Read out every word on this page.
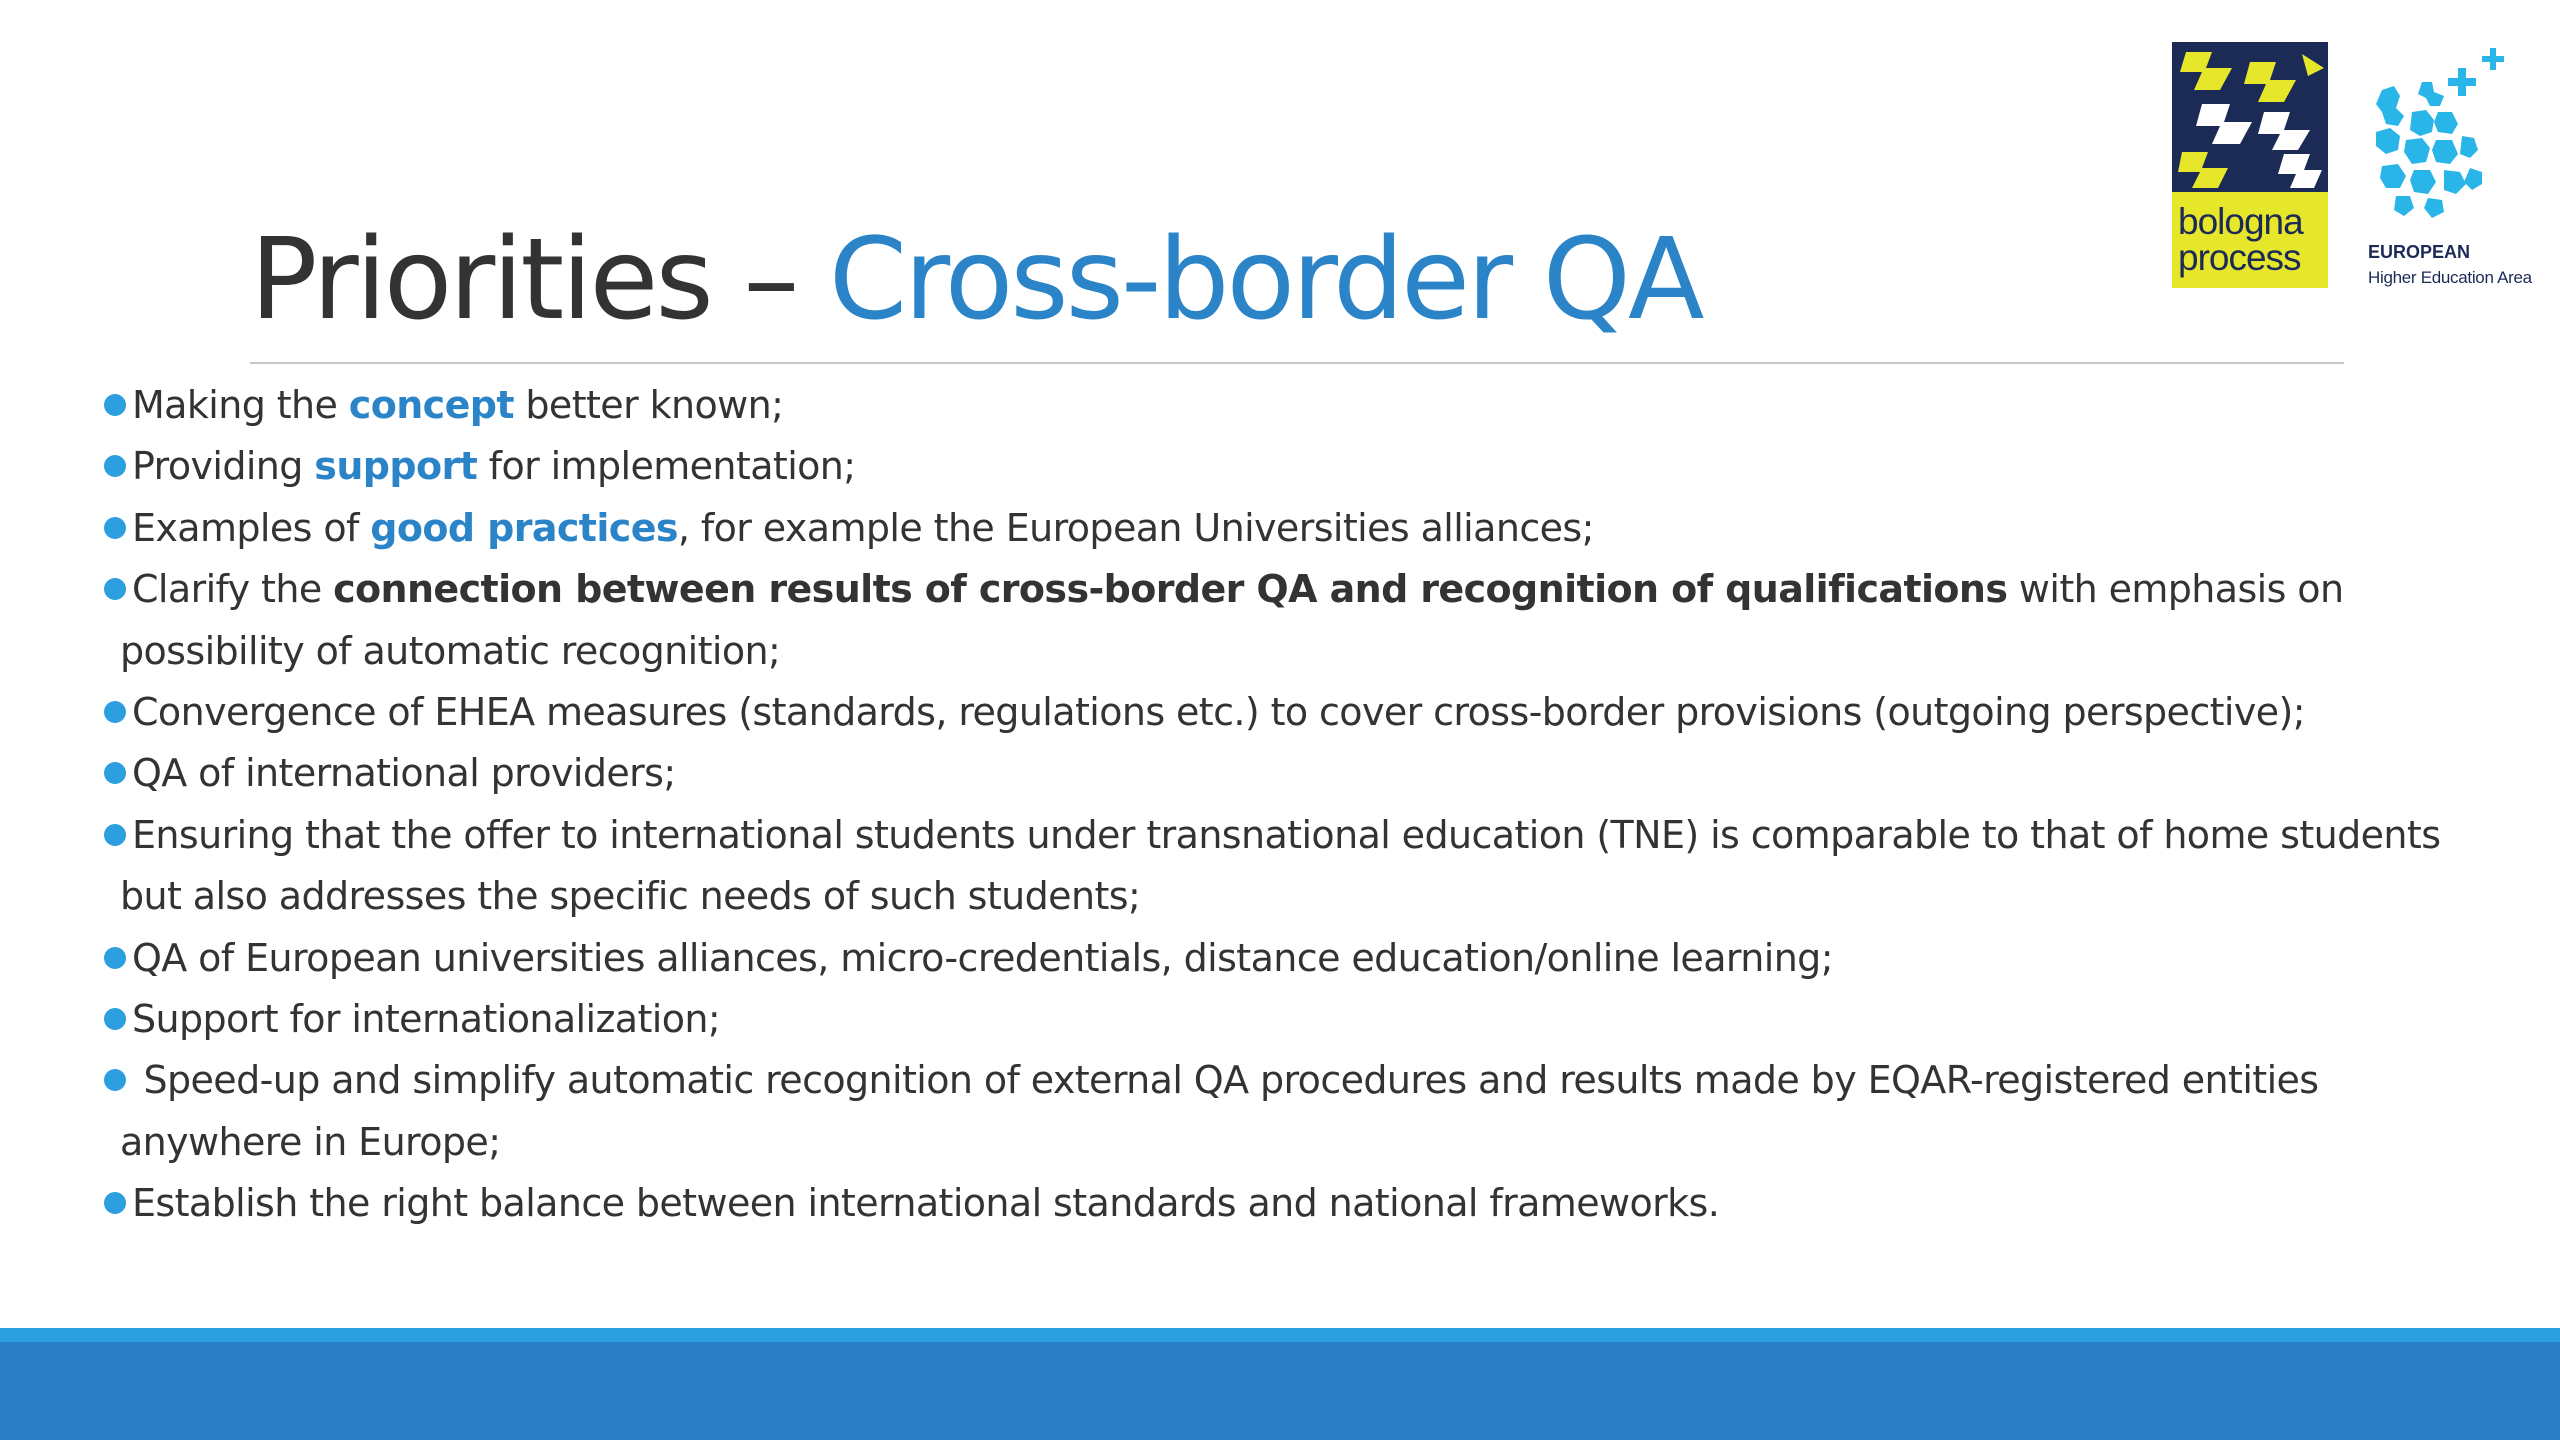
bologna process	EUROPEAN
Higher Education Area
Priorities – Cross-border QA
Making the concept better known;
Providing support for implementation;
Examples of good practices, for example the European Universities alliances;
Clarify the connection between results of cross-border QA and recognition of qualifications with emphasis on possibility of automatic recognition;
Convergence of EHEA measures (standards, regulations etc.) to cover cross-border provisions (outgoing perspective);
QA of international providers;
Ensuring that the offer to international students under transnational education (TNE) is comparable to that of home students but also addresses the specific needs of such students;
QA of European universities alliances, micro-credentials, distance education/online learning;
Support for internationalization;
Speed-up and simplify automatic recognition of external QA procedures and results made by EQAR-registered entities anywhere in Europe;
Establish the right balance between international standards and national frameworks.
